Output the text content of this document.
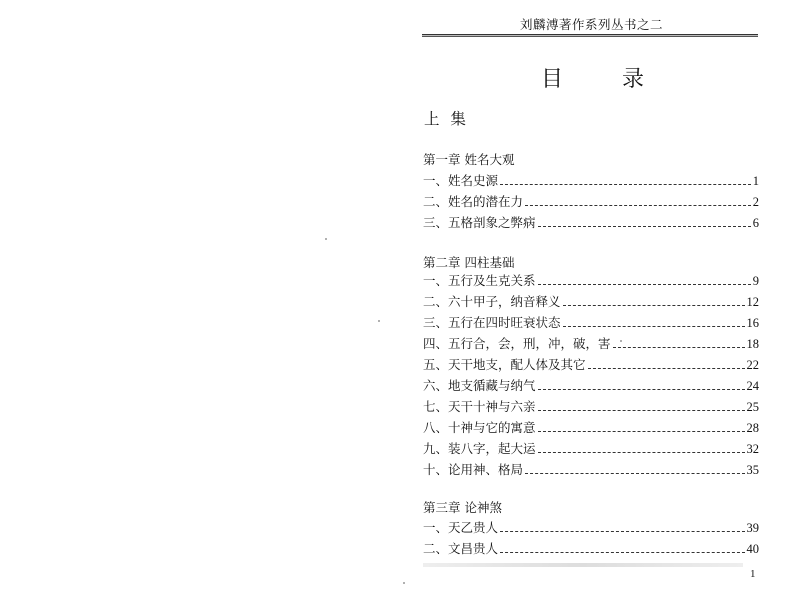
刘麟溥著作系列丛书之二
目	录
上 集
第一章 姓名大观
一、姓名史源	1
二、姓名的潜在力	2
三、五格剖象之弊病	6
第二章 四柱基础
一、五行及生克关系	9
二、六十甲子，纳音释义	12
三、五行在四时旺衰状态	16
四、五行合，会，刑，冲，破，害	18
五、天干地支，配人体及其它	22
六、地支循藏与纳气	24
七、天干十神与六亲	25
八、十神与它的寓意	28
九、装八字，起大运	32
十、论用神、格局	35
第三章 论神煞
一、天乙贵人	39
二、文昌贵人	40
1
